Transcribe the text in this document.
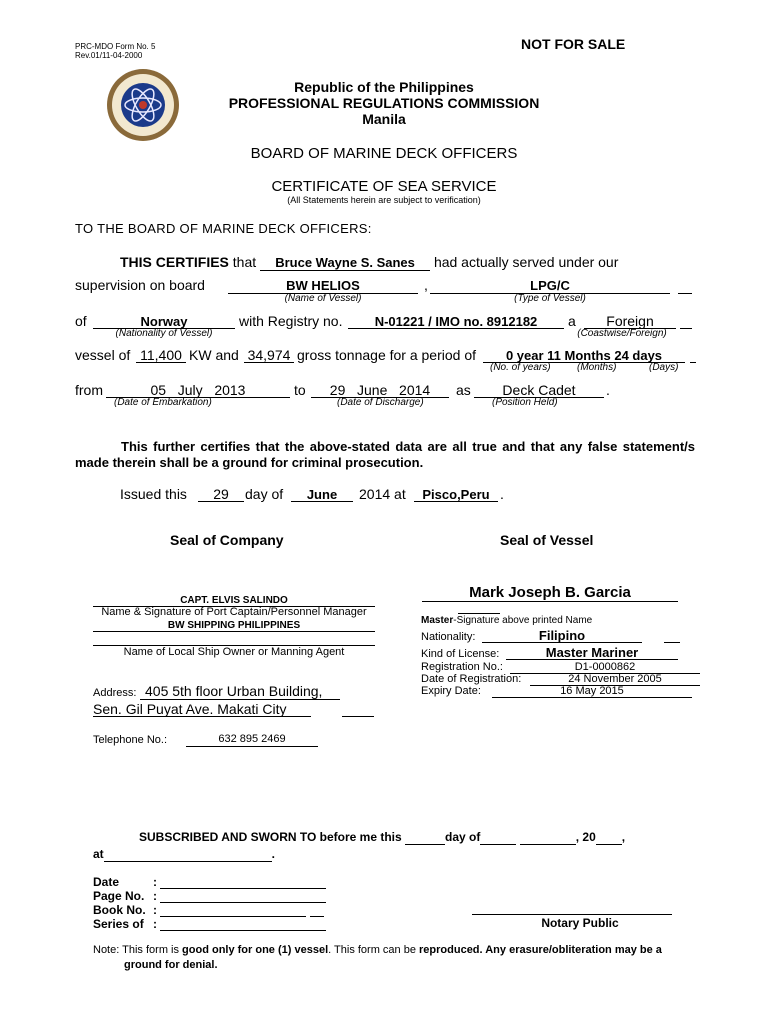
PRC-MDO Form No. 5
Rev.01/11-04-2000
NOT FOR SALE
Republic of the Philippines
PROFESSIONAL REGULATIONS COMMISSION
Manila
BOARD OF MARINE DECK OFFICERS
CERTIFICATE OF SEA SERVICE
(All Statements herein are subject to verification)
TO THE BOARD OF MARINE DECK OFFICERS:
THIS CERTIFIES that Bruce Wayne S. Sanes had actually served under our
supervision on board	BW HELIOS	,	LPG/C
(Name of Vessel)	(Type of Vessel)
of	Norway	with Registry no.	N-01221 / IMO no. 8912182	a	Foreign
(Nationality of Vessel)	(Coastwise/Foreign)
vessel of 11,400 KW and 34,974 gross tonnage for a period of	0 year 11 Months 24 days
(No. of years)	(Months)	(Days)
from	05   July   2013	to	29   June   2014	as	Deck Cadet	.
(Date of Embarkation)	(Date of Discharge)	(Position Held)
This further certifies that the above-stated data are all true and that any false statement/s made therein shall be a ground for criminal prosecution.
Issued this	29	day of	June	2014 at	Pisco,Peru .
Seal of Company	Seal of Vessel
CAPT. ELVIS SALINDO
Name & Signature of Port Captain/Personnel Manager
BW SHIPPING PHILIPPINES
Name of Local Ship Owner or Manning Agent
Address: 405 5th floor Urban Building,
Sen. Gil Puyat Ave. Makati City
Telephone No.:	632 895 2469
Mark Joseph B. Garcia
Master-Signature above printed Name
Nationality:	Filipino
Kind of License:	Master Mariner
Registration No.:	D1-0000862
Date of Registration:	24 November 2005
Expiry Date:	16 May 2015
SUBSCRIBED AND SWORN TO before me this	day of	, 20 ,
at	.
Date	:
Page No. :
Book No. :
Series of :	Notary Public
Note: This form is good only for one (1) vessel. This form can be reproduced. Any erasure/obliteration may be a
ground for denial.
